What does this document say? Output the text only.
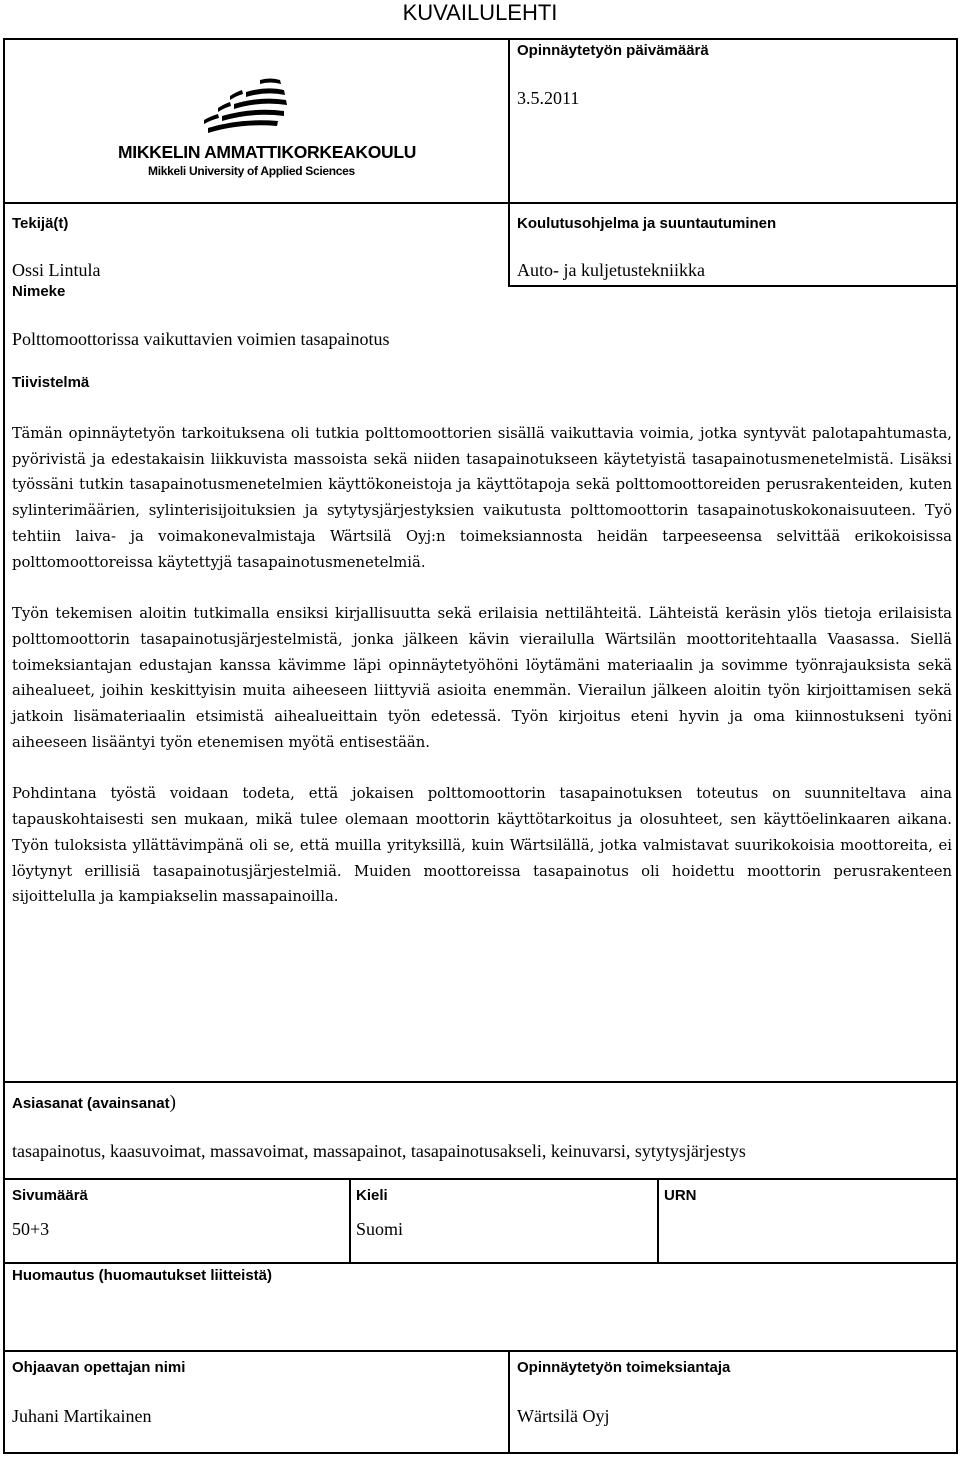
KUVAILULEHTI
MIKKELIN AMMATTIKORKEAKOULU
Mikkeli University of Applied Sciences
Opinnäytetyön päivämäärä
3.5.2011
Tekijä(t)
Ossi Lintula
Koulutusohjelma ja suuntautuminen
Auto- ja kuljetustekniikka
Nimeke
Polttomoottorissa vaikuttavien voimien tasapainotus
Tiivistelmä

Tämän opinnäytetyön tarkoituksena oli tutkia polttomoottorien sisällä vaikuttavia voimia, jotka syntyvät palotapahtumasta, pyörivistä ja edestakaisin liikkuvista massoista sekä niiden tasapainotukseen käytetyistä tasapainotusmenetelmistä. Lisäksi työssäni tutkin tasapainotusmenetelmien käyttökoneistoja ja käyttötapoja sekä polttomoottoreiden perusrakenteiden, kuten sylinterimäärien, sylinterisijoituksien ja sytytysjärjestyksien vaikutusta polttomoottorin tasapainotuskokonaisuuteen. Työ tehtiin laiva- ja voimakonevalmistaja Wärtsilä Oyj:n toimeksiannosta heidän tarpeeseensa selvittää erikokoisissa polttomoottoreissa käytettyjä tasapainotusmenetelmiä.

Työn tekemisen aloitin tutkimalla ensiksi kirjallisuutta sekä erilaisia nettilähteitä. Lähteistä keräsin ylös tietoja erilaisista polttomoottorin tasapainotusjärjestelmistä, jonka jälkeen kävin vierailulla Wärtsilän moottoritehtaalla Vaasassa. Siellä toimeksiantajan edustajan kanssa kävimme läpi opinnäytetyöhöni löytämäni materiaalin ja sovimme työnrajauksista sekä aihealueet, joihin keskittyisin muita aiheeseen liittyviä asioita enemmän. Vierailun jälkeen aloitin työn kirjoittamisen sekä jatkoin lisämateriaalin etsimistä aihealueittain työn edetessä. Työn kirjoitus eteni hyvin ja oma kiinnostukseni työni aiheeseen lisääntyi työn etenemisen myötä entisestään.

Pohdintana työstä voidaan todeta, että jokaisen polttomoottorin tasapainotuksen toteutus on suunniteltava aina tapauskohtaisesti sen mukaan, mikä tulee olemaan moottorin käyttötarkoitus ja olosuhteet, sen käyttöelinkaaren aikana. Työn tuloksista yllättävimpänä oli se, että muilla yrityksillä, kuin Wärtsilällä, jotka valmistavat suurikokoisia moottoreita, ei löytynyt erillisiä tasapainotusjärjestelmiä. Muiden moottoreissa tasapainotus oli hoidettu moottorin perusrakenteen sijoittelulla ja kampiakselin massapainoilla.

Asiasanat (avainsanat)
tasapainotus, kaasuvoimat, massavoimat, massapainot, tasapainotusakseli, keinuvarsi, sytytysjärjestys
Sivumäärä
50+3
Kieli
Suomi
URN
Huomautus (huomautukset liitteistä)
Ohjaavan opettajan nimi
Juhani Martikainen
Opinnäytetyön toimeksiantaja
Wärtsilä Oyj
